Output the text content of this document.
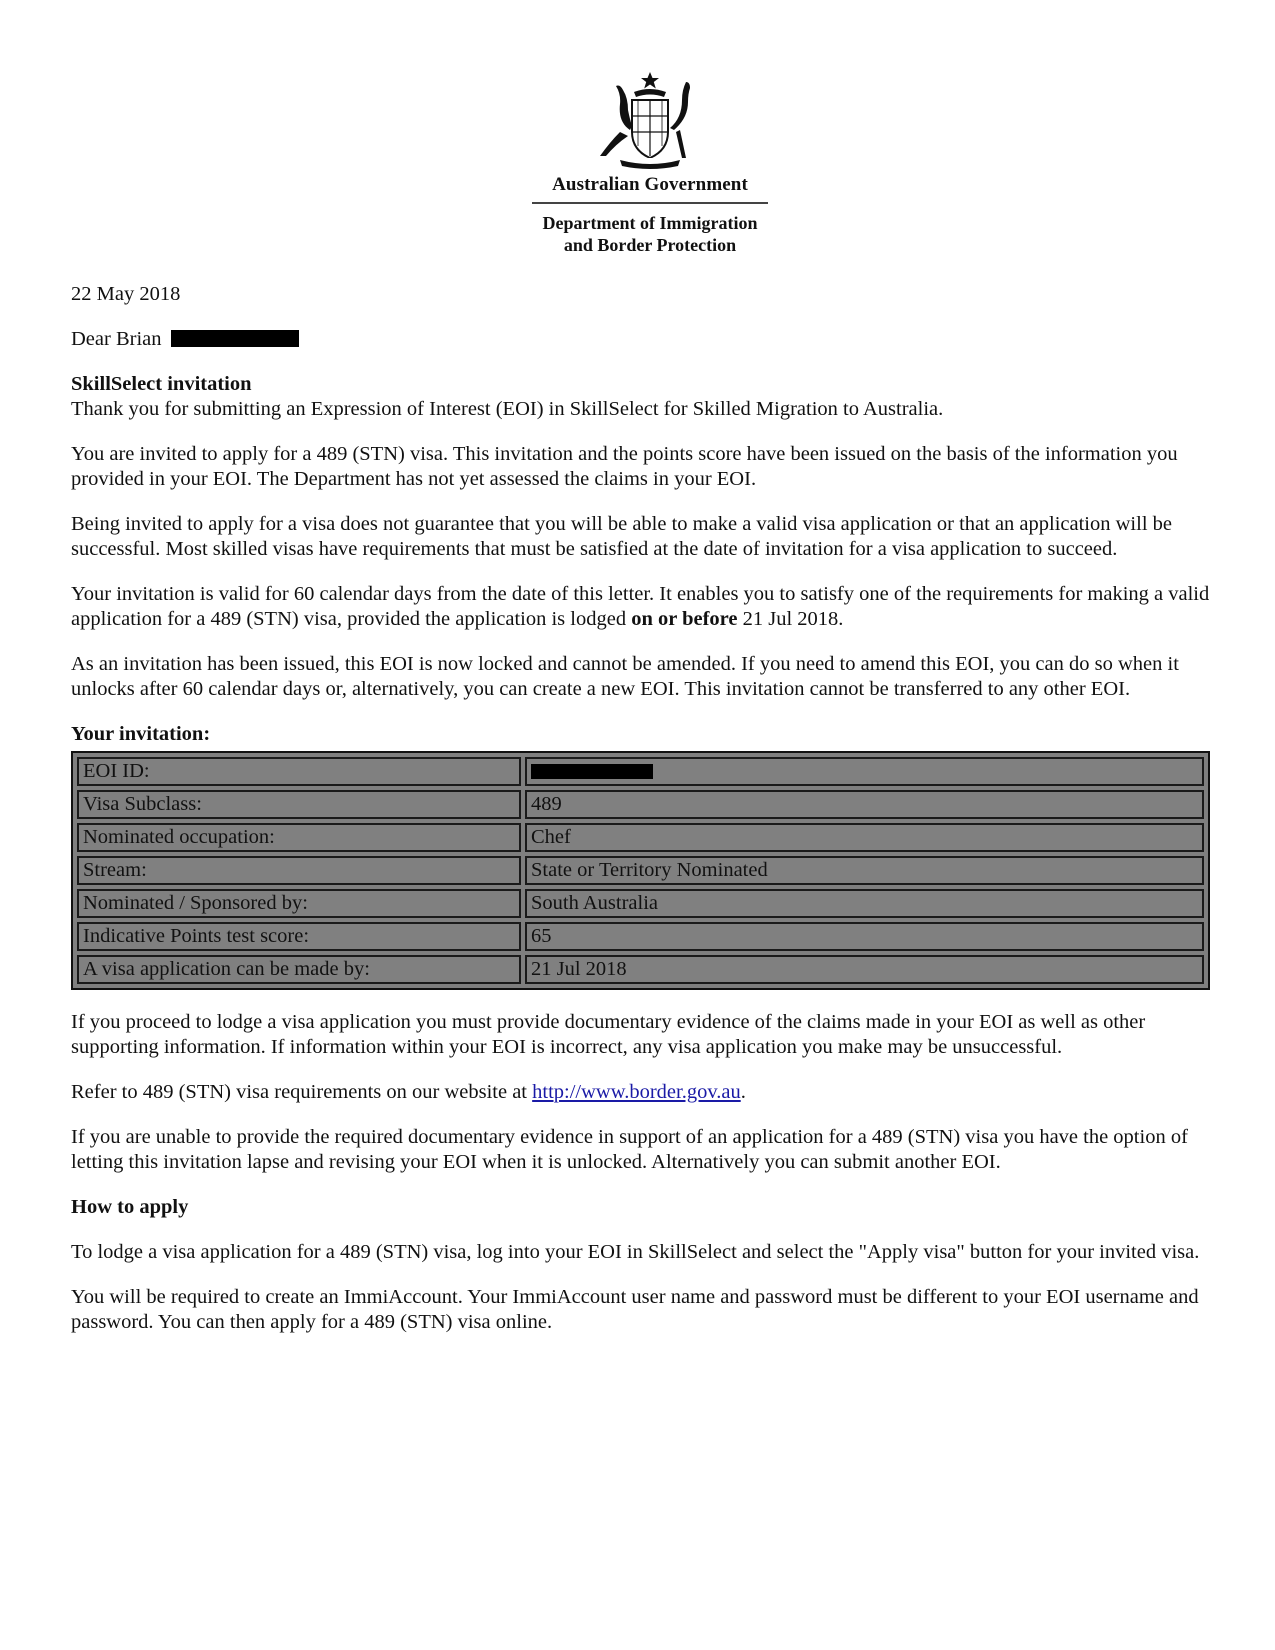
Australian Government
Department of Immigration
and Border Protection

22 May 2018

Dear Brian

SkillSelect invitation

Thank you for submitting an Expression of Interest (EOI) in SkillSelect for Skilled Migration to Australia.

You are invited to apply for a 489 (STN) visa. This invitation and the points score have been issued on the basis of the information you provided in your EOI. The Department has not yet assessed the claims in your EOI.

Being invited to apply for a visa does not guarantee that you will be able to make a valid visa application or that an application will be successful. Most skilled visas have requirements that must be satisfied at the date of invitation for a visa application to succeed.

Your invitation is valid for 60 calendar days from the date of this letter. It enables you to satisfy one of the requirements for making a valid application for a 489 (STN) visa, provided the application is lodged on or before 21 Jul 2018.

As an invitation has been issued, this EOI is now locked and cannot be amended. If you need to amend this EOI, you can do so when it unlocks after 60 calendar days or, alternatively, you can create a new EOI. This invitation cannot be transferred to any other EOI.

Your invitation:

EOI ID:	
Visa Subclass:	489
Nominated occupation:	Chef
Stream:	State or Territory Nominated
Nominated / Sponsored by:	South Australia
Indicative Points test score:	65
A visa application can be made by:	21 Jul 2018

If you proceed to lodge a visa application you must provide documentary evidence of the claims made in your EOI as well as other supporting information. If information within your EOI is incorrect, any visa application you make may be unsuccessful.

Refer to 489 (STN) visa requirements on our website at http://www.border.gov.au.

If you are unable to provide the required documentary evidence in support of an application for a 489 (STN) visa you have the option of letting this invitation lapse and revising your EOI when it is unlocked. Alternatively you can submit another EOI.

How to apply

To lodge a visa application for a 489 (STN) visa, log into your EOI in SkillSelect and select the "Apply visa" button for your invited visa.

You will be required to create an ImmiAccount. Your ImmiAccount user name and password must be different to your EOI username and password. You can then apply for a 489 (STN) visa online.
